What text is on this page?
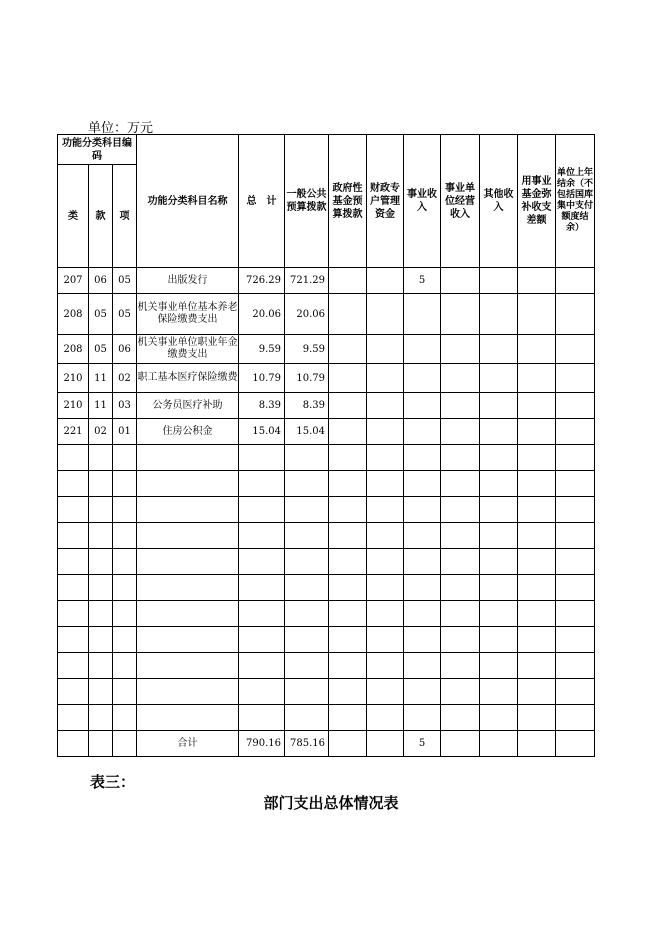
单位：万元
功能分类科目编码			功能分类科目名称	总　计	一般公共预算拨款	政府性基金预算拨款	财政专户管理资金	事业收入	事业单位经营收入	其他收入	用事业基金弥补收支差额	单位上年结余（不包括国库集中支付额度结余）
类	款	项										
207	06	05	出版发行	726.29	721.29			5				
208	05	05	机关事业单位基本养老保险缴费支出	20.06	20.06							
208	05	06	机关事业单位职业年金缴费支出	9.59	9.59							
210	11	02	职工基本医疗保险缴费	10.79	10.79							
210	11	03	公务员医疗补助	8.39	8.39							
221	02	01	住房公积金	15.04	15.04							

			合计	790.16	785.16			5				
表三：
部门支出总体情况表
